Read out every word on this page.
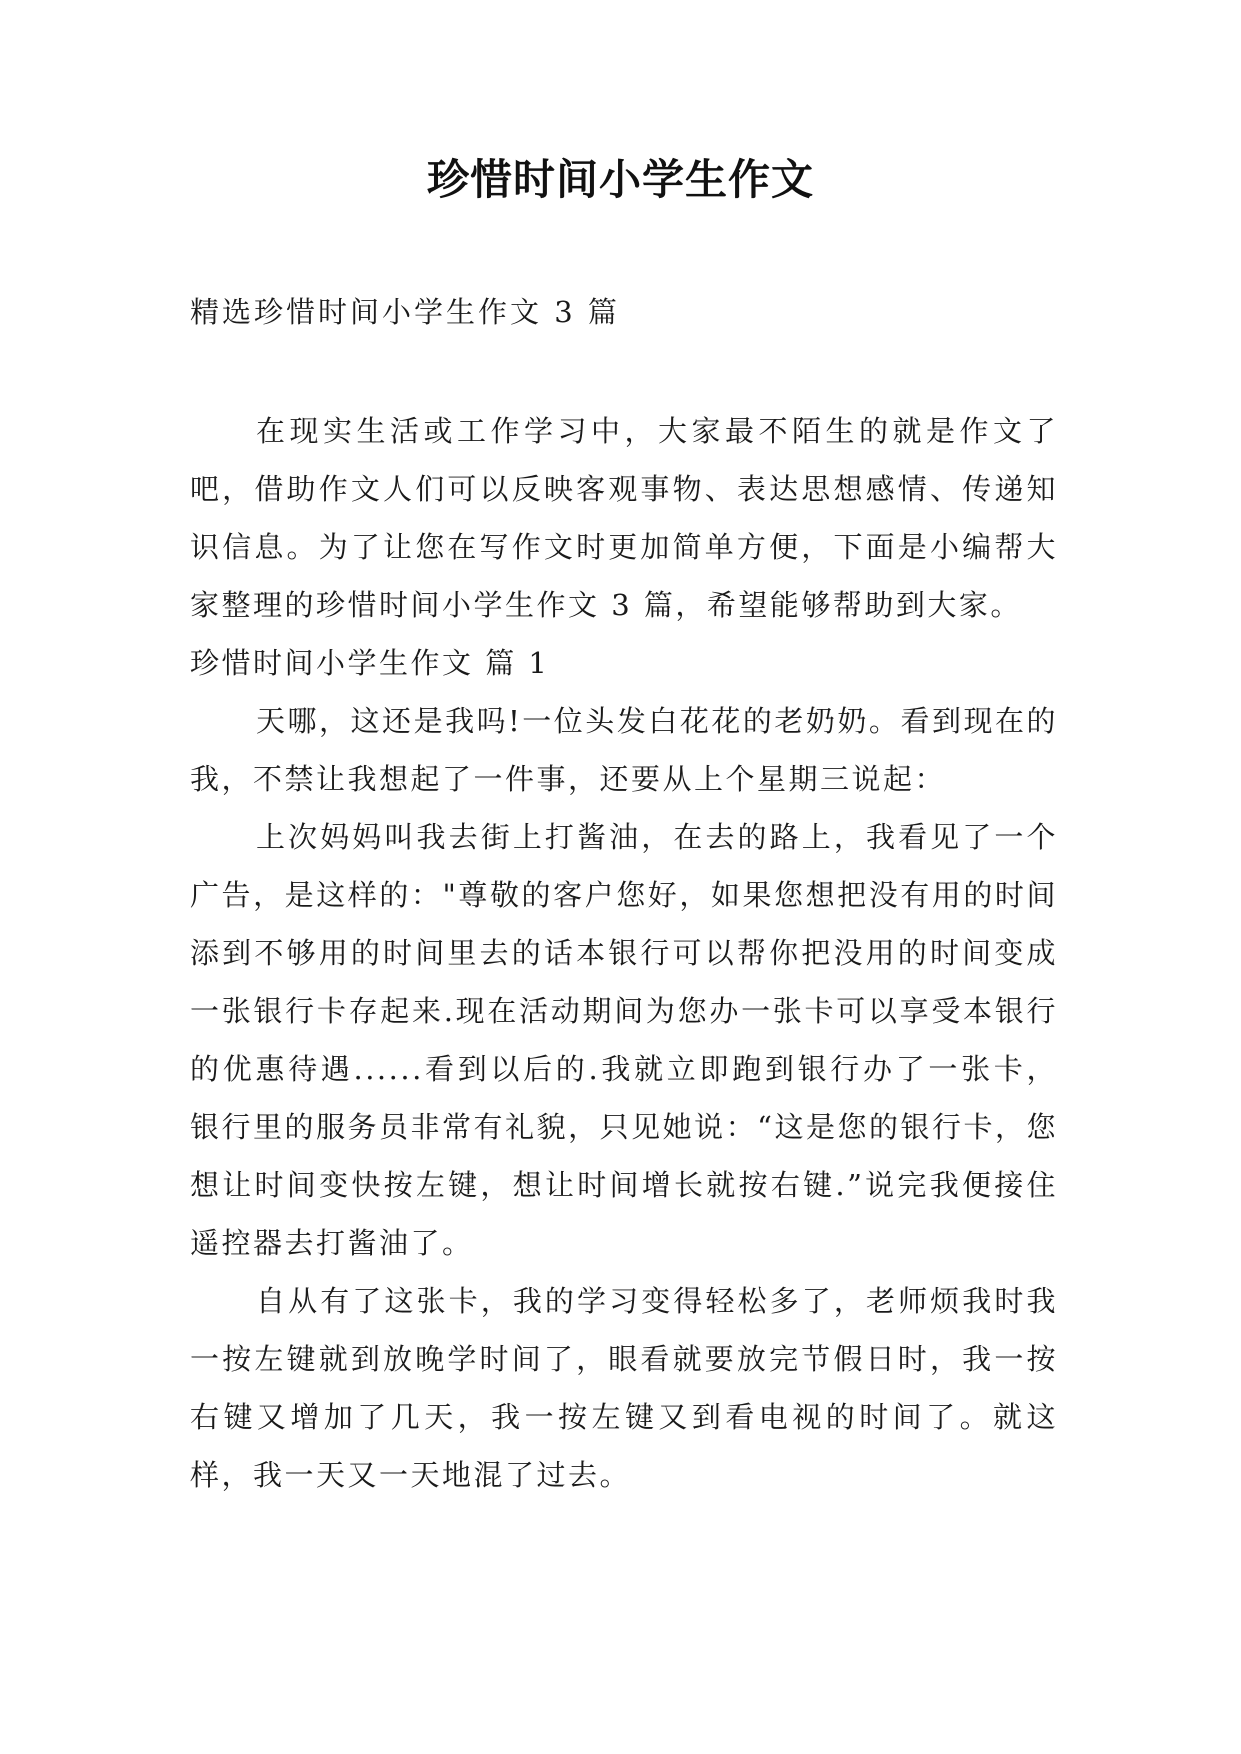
珍惜时间小学生作文
精选珍惜时间小学生作文 3 篇

在现实生活或工作学习中，大家最不陌生的就是作文了吧，借助作文人们可以反映客观事物、表达思想感情、传递知识信息。为了让您在写作文时更加简单方便，下面是小编帮大家整理的珍惜时间小学生作文 3 篇，希望能够帮助到大家。

珍惜时间小学生作文 篇 1

天哪，这还是我吗!一位头发白花花的老奶奶。看到现在的我，不禁让我想起了一件事，还要从上个星期三说起：

上次妈妈叫我去街上打酱油，在去的路上，我看见了一个广告，是这样的："尊敬的客户您好，如果您想把没有用的时间添到不够用的时间里去的话本银行可以帮你把没用的时间变成一张银行卡存起来.现在活动期间为您办一张卡可以享受本银行的优惠待遇......看到以后的.我就立即跑到银行办了一张卡，银行里的服务员非常有礼貌，只见她说：“这是您的银行卡，您想让时间变快按左键，想让时间增长就按右键.”说完我便接住遥控器去打酱油了。

自从有了这张卡，我的学习变得轻松多了，老师烦我时我一按左键就到放晚学时间了，眼看就要放完节假日时，我一按右键又增加了几天，我一按左键又到看电视的时间了。就这样，我一天又一天地混了过去。
